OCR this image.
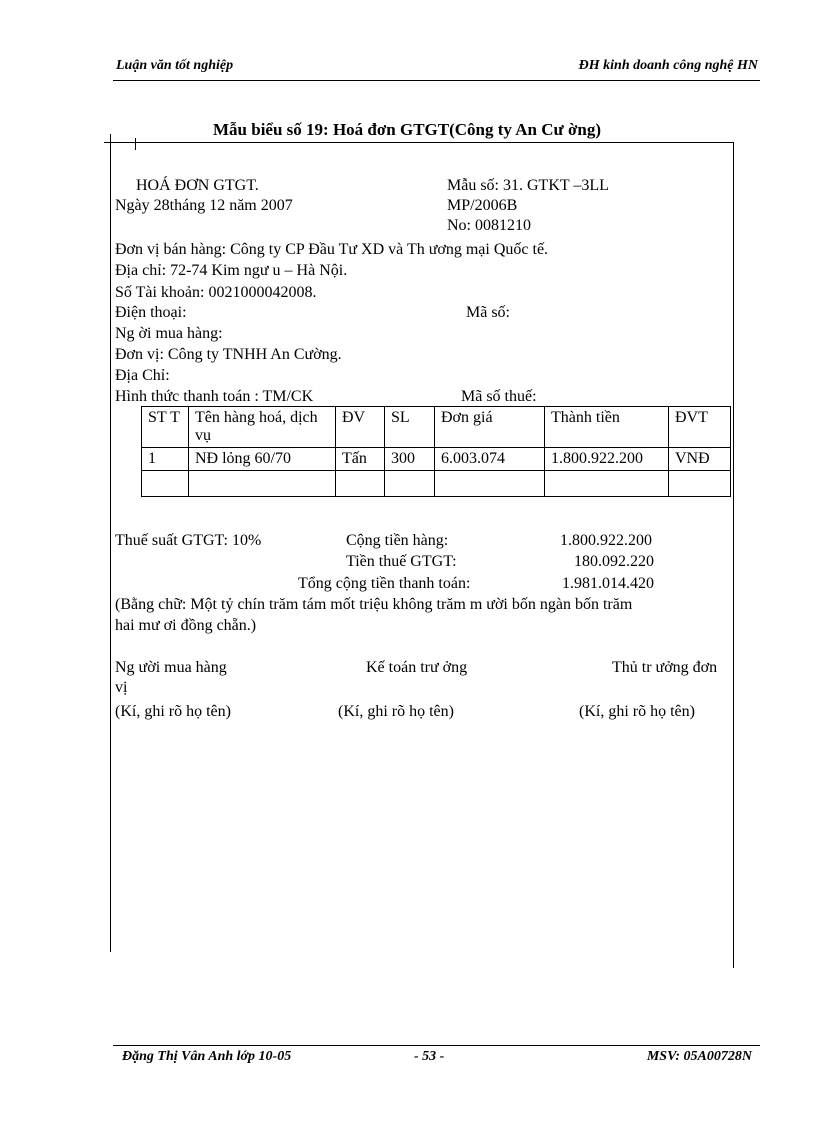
Luận văn tốt nghiệp	ĐH kinh doanh công nghệ HN
Mẫu biểu số 19: Hoá đơn GTGT(Công ty An Cư ờng)
HOÁ ĐƠN GTGT.
Ngày 28tháng 12 năm 2007
Mẫu số: 31. GTKT –3LL
MP/2006B
No: 0081210
Đơn vị bán hàng: Công ty CP Đầu Tư XD và Th ương mại Quốc tế.
Địa chỉ: 72-74 Kim ngư u – Hà Nội.
Số Tài khoản: 0021000042008.
Điện thoại:	Mã số:
Ng ời mua hàng:
Đơn vị: Công ty TNHH An Cường.
Địa Chỉ:
Hình thức thanh toán : TM/CK	Mã số thuế:
ST T	Tên hàng hoá, dịch vụ	ĐV	SL	Đơn giá	Thành tiền	ĐVT
1	NĐ lỏng 60/70	Tấn	300	6.003.074	1.800.922.200	VNĐ

Thuế suất GTGT: 10%	Cộng tiền hàng:	1.800.922.200
Tiền thuế GTGT:	180.092.220
Tổng cộng tiền thanh toán:	1.981.014.420
(Bằng chữ: Một tỷ chín trăm tám mốt triệu không trăm m ười bốn ngàn bốn trăm
hai mư ơi đồng chẵn.)
Ng ười mua hàng	Kế toán trư ởng	Thủ tr ưởng đơn
vị
(Kí, ghi rõ họ tên)	(Kí, ghi rõ họ tên)	(Kí, ghi rõ họ tên)
Đặng Thị Vân Anh lớp 10-05	- 53 -	MSV: 05A00728N
